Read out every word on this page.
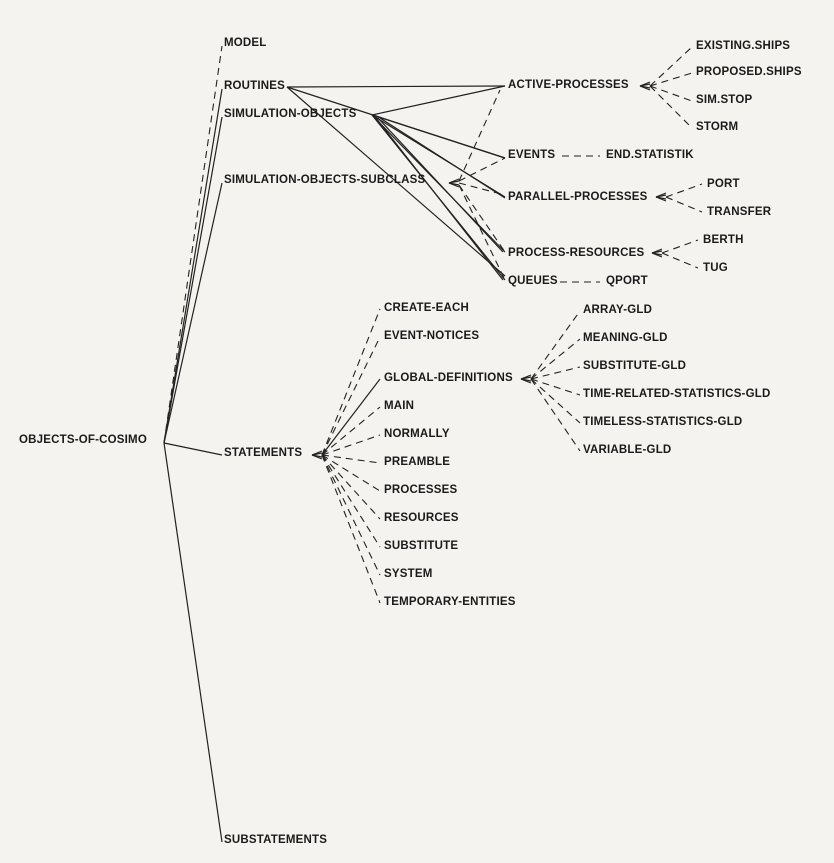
OBJECTS-OF-COSIMO
MODEL
ROUTINES
SIMULATION-OBJECTS
SIMULATION-OBJECTS-SUBCLASS
STATEMENTS
SUBSTATEMENTS
ACTIVE-PROCESSES
EVENTS
PARALLEL-PROCESSES
PROCESS-RESOURCES
QUEUES
EXISTING.SHIPS
PROPOSED.SHIPS
SIM.STOP
STORM
END.STATISTIK
PORT
TRANSFER
BERTH
TUG
QPORT
CREATE-EACH
EVENT-NOTICES
GLOBAL-DEFINITIONS
MAIN
NORMALLY
PREAMBLE
PROCESSES
RESOURCES
SUBSTITUTE
SYSTEM
TEMPORARY-ENTITIES
ARRAY-GLD
MEANING-GLD
SUBSTITUTE-GLD
TIME-RELATED-STATISTICS-GLD
TIMELESS-STATISTICS-GLD
VARIABLE-GLD
